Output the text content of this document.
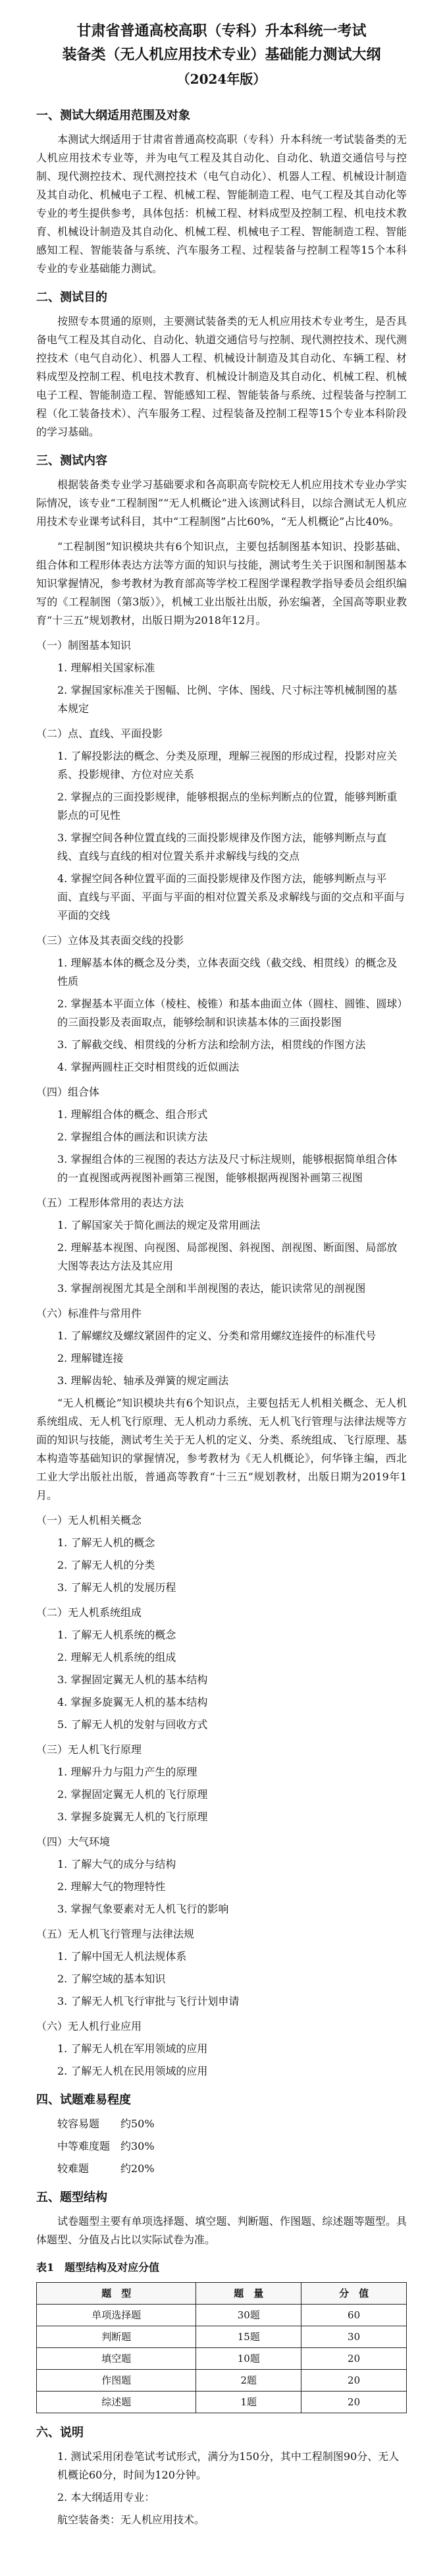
甘肃省普通高校高职（专科）升本科统一考试
装备类（无人机应用技术专业）基础能力测试大纲
（2024年版）
一、测试大纲适用范围及对象
本测试大纲适用于甘肃省普通高校高职（专科）升本科统一考试装备类的无人机应用技术专业等，并为电气工程及其自动化、自动化、轨道交通信号与控制、现代测控技术、现代测控技术（电气自动化）、机器人工程、机械设计制造及其自动化、机械电子工程、机械工程、智能制造工程、电气工程及其自动化等专业的考生提供参考，具体包括：机械工程、材料成型及控制工程、机电技术教育、机械设计制造及其自动化、机械工程、机械电子工程、智能制造工程、智能感知工程、智能装备与系统、汽车服务工程、过程装备与控制工程等15个本科专业的专业基础能力测试。
二、测试目的
按照专本贯通的原则，主要测试装备类的无人机应用技术专业考生，是否具备电气工程及其自动化、自动化、轨道交通信号与控制、现代测控技术、现代测控技术（电气自动化）、机器人工程、机械设计制造及其自动化、车辆工程、材料成型及控制工程、机电技术教育、机械设计制造及其自动化、机械工程、机械电子工程、智能制造工程、智能感知工程、智能装备与系统、过程装备与控制工程（化工装备技术）、汽车服务工程、过程装备及控制工程等15个专业本科阶段的学习基础。
三、测试内容
根据装备类专业学习基础要求和各高职高专院校无人机应用技术专业办学实际情况，该专业“工程制图”“无人机概论”进入该测试科目，以综合测试无人机应用技术专业课考试科目，其中“工程制图”占比60%，“无人机概论”占比40%。
“工程制图”知识模块共有6个知识点，主要包括制图基本知识、投影基础、组合体和工程形体表达方法等方面的知识与技能，测试考生关于识图和制图基本知识掌握情况，参考教材为教育部高等学校工程图学课程教学指导委员会组织编写的《工程制图（第3版）》，机械工业出版社出版，孙宏编著，全国高等职业教育“十三五”规划教材，出版日期为2018年12月。
（一）制图基本知识
1. 理解相关国家标准
2. 掌握国家标准关于图幅、比例、字体、图线、尺寸标注等机械制图的基本规定
（二）点、直线、平面投影
1. 了解投影法的概念、分类及原理，理解三视图的形成过程，投影对应关系、投影规律、方位对应关系
2. 掌握点的三面投影规律，能够根据点的坐标判断点的位置，能够判断重影点的可见性
3. 掌握空间各种位置直线的三面投影规律及作图方法，能够判断点与直线、直线与直线的相对位置关系并求解线与线的交点
4. 掌握空间各种位置平面的三面投影规律及作图方法，能够判断点与平面、直线与平面、平面与平面的相对位置关系及求解线与面的交点和平面与平面的交线
（三）立体及其表面交线的投影
1. 理解基本体的概念及分类，立体表面交线（截交线、相贯线）的概念及性质
2. 掌握基本平面立体（棱柱、棱锥）和基本曲面立体（圆柱、圆锥、圆球）的三面投影及表面取点，能够绘制和识读基本体的三面投影图
3. 了解截交线、相贯线的分析方法和绘制方法，相贯线的作图方法
4. 掌握两圆柱正交时相贯线的近似画法
（四）组合体
1. 理解组合体的概念、组合形式
2. 掌握组合体的画法和识读方法
3. 掌握组合体的三视图的表达方法及尺寸标注规则，能够根据简单组合体的一直视图或两视图补画第三视图，能够根据两视图补画第三视图
（五）工程形体常用的表达方法
1. 了解国家关于简化画法的规定及常用画法
2. 理解基本视图、向视图、局部视图、斜视图、剖视图、断面图、局部放大图等表达方法及其应用
3. 掌握剖视图尤其是全剖和半剖视图的表达，能识读常见的剖视图
（六）标准件与常用件
1. 了解螺纹及螺纹紧固件的定义、分类和常用螺纹连接件的标准代号
2. 理解键连接
3. 理解齿轮、轴承及弹簧的规定画法
“无人机概论”知识模块共有6个知识点，主要包括无人机相关概念、无人机系统组成、无人机飞行原理、无人机动力系统、无人机飞行管理与法律法规等方面的知识与技能，测试考生关于无人机的定义、分类、系统组成、飞行原理、基本构造等基础知识的掌握情况，参考教材为《无人机概论》，何华锋主编，西北工业大学出版社出版，普通高等教育“十三五”规划教材，出版日期为2019年1月。
（一）无人机相关概念
1. 了解无人机的概念
2. 了解无人机的分类
3. 了解无人机的发展历程
（二）无人机系统组成
1. 了解无人机系统的概念
2. 理解无人机系统的组成
3. 掌握固定翼无人机的基本结构
4. 掌握多旋翼无人机的基本结构
5. 了解无人机的发射与回收方式
（三）无人机飞行原理
1. 理解升力与阻力产生的原理
2. 掌握固定翼无人机的飞行原理
3. 掌握多旋翼无人机的飞行原理
（四）大气环境
1. 了解大气的成分与结构
2. 理解大气的物理特性
3. 掌握气象要素对无人机飞行的影响
（五）无人机飞行管理与法律法规
1. 了解中国无人机法规体系
2. 了解空域的基本知识
3. 了解无人机飞行审批与飞行计划申请
（六）无人机行业应用
1. 了解无人机在军用领域的应用
2. 了解无人机在民用领域的应用
四、试题难易程度
较容易题　　约50%
中等难度题　约30%
较难题　　　约20%
五、题型结构
试卷题型主要有单项选择题、填空题、判断题、作图题、综述题等题型。具体题型、分值及占比以实际试卷为准。
表1　题型结构及对应分值
题　型	题　量	分　值
单项选择题	30题	60
判断题	15题	30
填空题	10题	20
作图题	2题	20
综述题	1题	20
六、说明
1. 测试采用闭卷笔试考试形式，满分为150分，其中工程制图90分、无人机概论60分，时间为120分钟。
2. 本大纲适用专业：
航空装备类：无人机应用技术。
